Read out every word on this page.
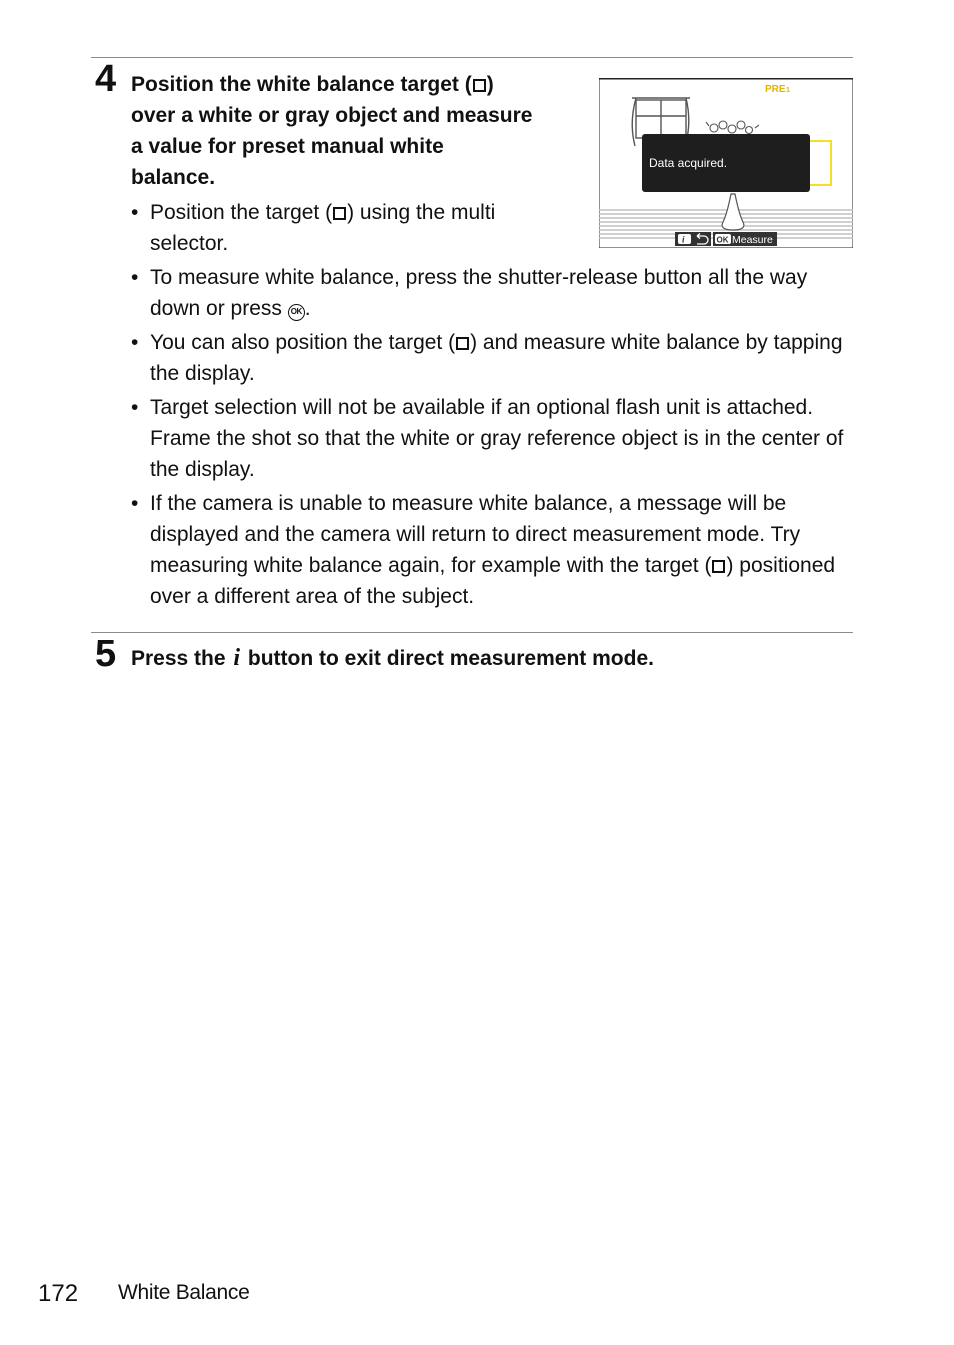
4 Position the white balance target ( )
over a white or gray object and measure
a value for preset manual white
balance.
Data acquired.
PRE 1
i	OK Measure
• Position the target ( ) using the multi
selector.
• To measure white balance, press the shutter-release button all the way down or press OK .
• You can also position the target ( ) and measure white balance by tapping the display.
• Target selection will not be available if an optional flash unit is attached. Frame the shot so that the white or gray reference object is in the center of the display.
• If the camera is unable to measure white balance, a message will be displayed and the camera will return to direct measurement mode. Try measuring white balance again, for example with the target ( ) positioned over a different area of the subject.
5 Press the i button to exit direct measurement mode.
172 White Balance
